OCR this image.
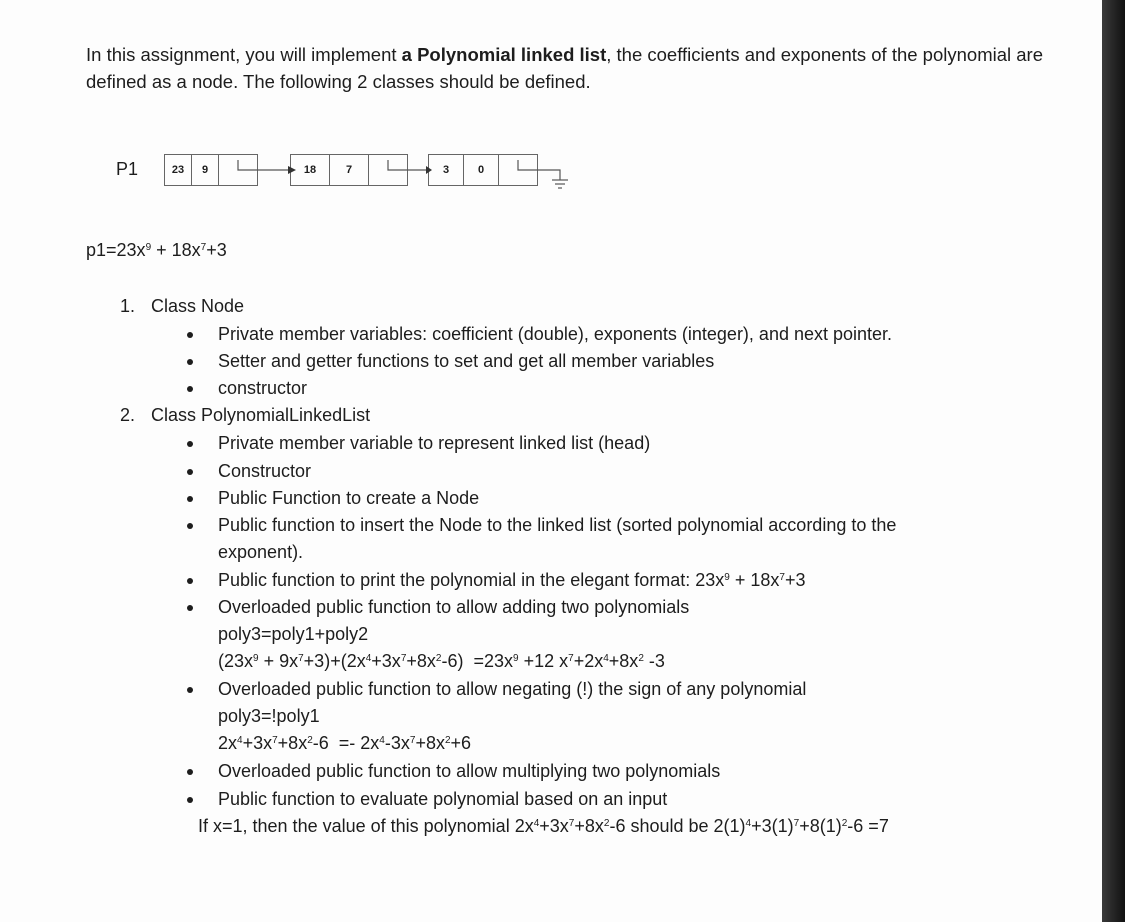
In this assignment, you will implement a Polynomial linked list, the coefficients and exponents of the polynomial are defined as a node. The following 2 classes should be defined.
P1	23	9	18	7	3	0
$p1=23x^9 + 18x^7+3$
1. Class Node
Private member variables: coefficient (double), exponents (integer), and next pointer.
Setter and getter functions to set and get all member variables
constructor
2. Class PolynomialLinkedList
Private member variable to represent linked list (head)
Constructor
Public Function to create a Node
Public function to insert the Node to the linked list (sorted polynomial according to the
exponent).
Public function to print the polynomial in the elegant format: $23x^9 + 18x^7+3$
Overloaded public function to allow adding two polynomials
poly3=poly1+poly2
$(23x^9 + 9x^7+3)+(2x^4+3x^7+8x^2-6) =23x^9 +12$ $x^7+2x^4+8x^2$ -3
Overloaded public function to allow negating (!) the sign of any polynomial
poly3=!poly1
$2x^4+3x^7+8x^2-6 =- 2x^4-3x^7+8x^2+6$
Overloaded public function to allow multiplying two polynomials
Public function to evaluate polynomial based on an input
If x=1, then the value of this polynomial $2x^4+3x^7+8x^2-6$ should be $2(1)^4+3(1)^7+8(1)^2-6 =7$
